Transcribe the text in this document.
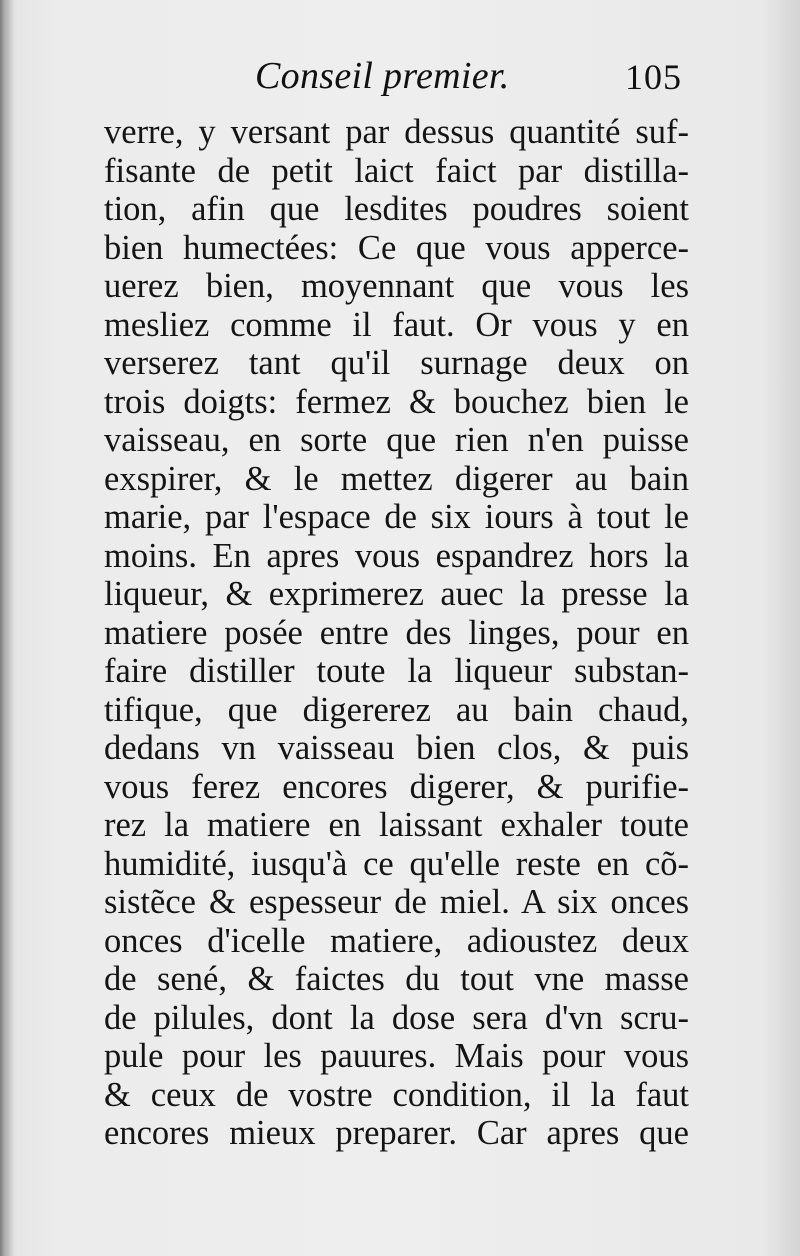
Conseil premier.	105
verre, y versant par dessus quantité suf-
fisante de petit laict faict par distilla-
tion, afin que lesdites poudres soient
bien humectées: Ce que vous apperce-
uerez bien, moyennant que vous les
mesliez comme il faut. Or vous y en
verserez tant qu'il surnage deux on
trois doigts: fermez & bouchez bien le
vaisseau, en sorte que rien n'en puisse
exspirer, & le mettez digerer au bain
marie, par l'espace de six iours à tout le
moins. En apres vous espandrez hors la
liqueur, & exprimerez auec la presse la
matiere posée entre des linges, pour en
faire distiller toute la liqueur substan-
tifique, que digererez au bain chaud,
dedans vn vaisseau bien clos, & puis
vous ferez encores digerer, & purifie-
rez la matiere en laissant exhaler toute
humidité, iusqu'à ce qu'elle reste en cõ-
sistẽce & espesseur de miel. A six onces
onces d'icelle matiere, adioustez deux
de sené, & faictes du tout vne masse
de pilules, dont la dose sera d'vn scru-
pule pour les pauures. Mais pour vous
& ceux de vostre condition, il la faut
encores mieux preparer. Car apres que
